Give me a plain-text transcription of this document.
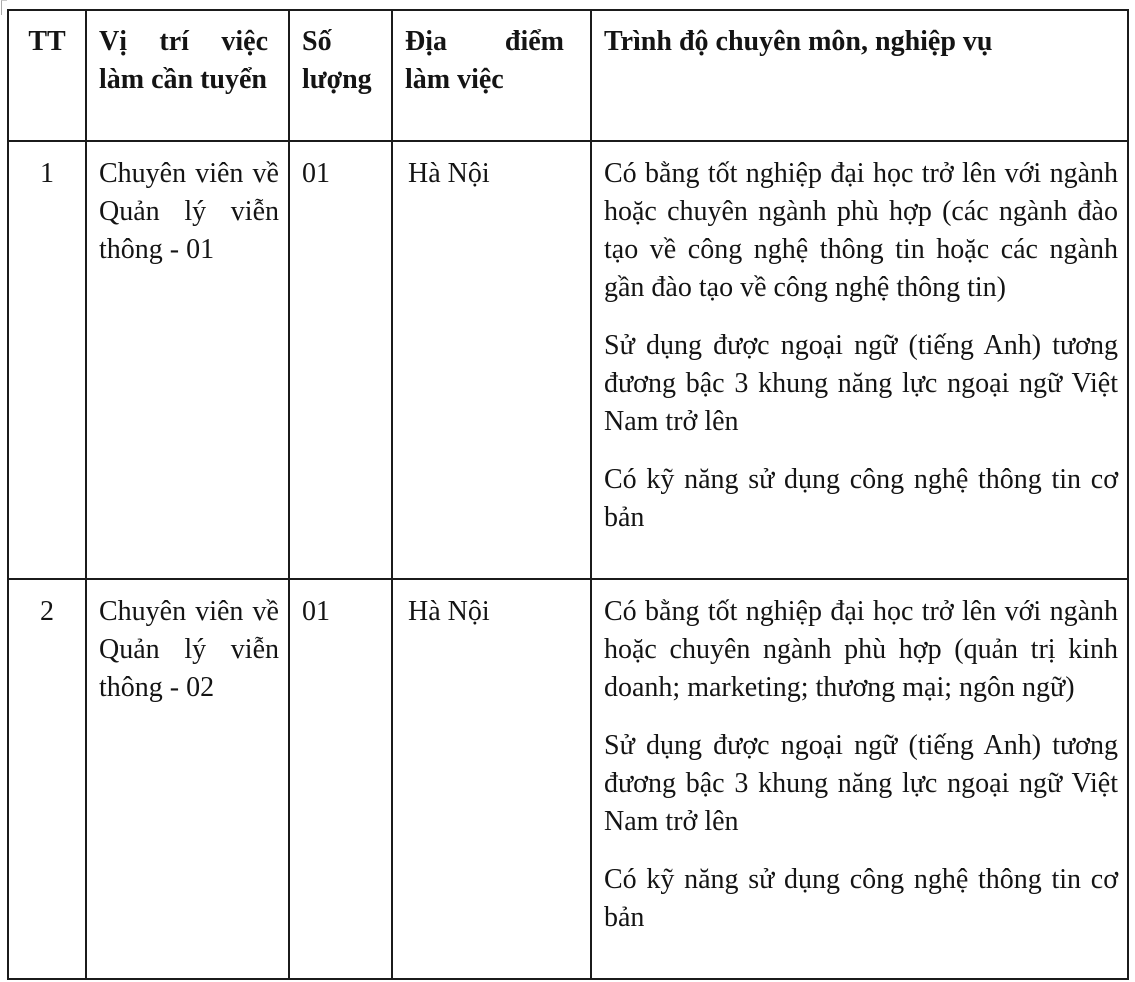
TT	Vị trí việc làm cần tuyển	Số lượng	Địa điểm làm việc	Trình độ chuyên môn, nghiệp vụ
1	Chuyên viên về Quản lý viễn thông - 01	01	Hà Nội	Có bằng tốt nghiệp đại học trở lên với ngành hoặc chuyên ngành phù hợp (các ngành đào tạo về công nghệ thông tin hoặc các ngành gần đào tạo về công nghệ thông tin)

Sử dụng được ngoại ngữ (tiếng Anh) tương đương bậc 3 khung năng lực ngoại ngữ Việt Nam trở lên

Có kỹ năng sử dụng công nghệ thông tin cơ bản

2	Chuyên viên về Quản lý viễn thông - 02	01	Hà Nội	Có bằng tốt nghiệp đại học trở lên với ngành hoặc chuyên ngành phù hợp (quản trị kinh doanh; marketing; thương mại; ngôn ngữ)

Sử dụng được ngoại ngữ (tiếng Anh) tương đương bậc 3 khung năng lực ngoại ngữ Việt Nam trở lên

Có kỹ năng sử dụng công nghệ thông tin cơ bản
